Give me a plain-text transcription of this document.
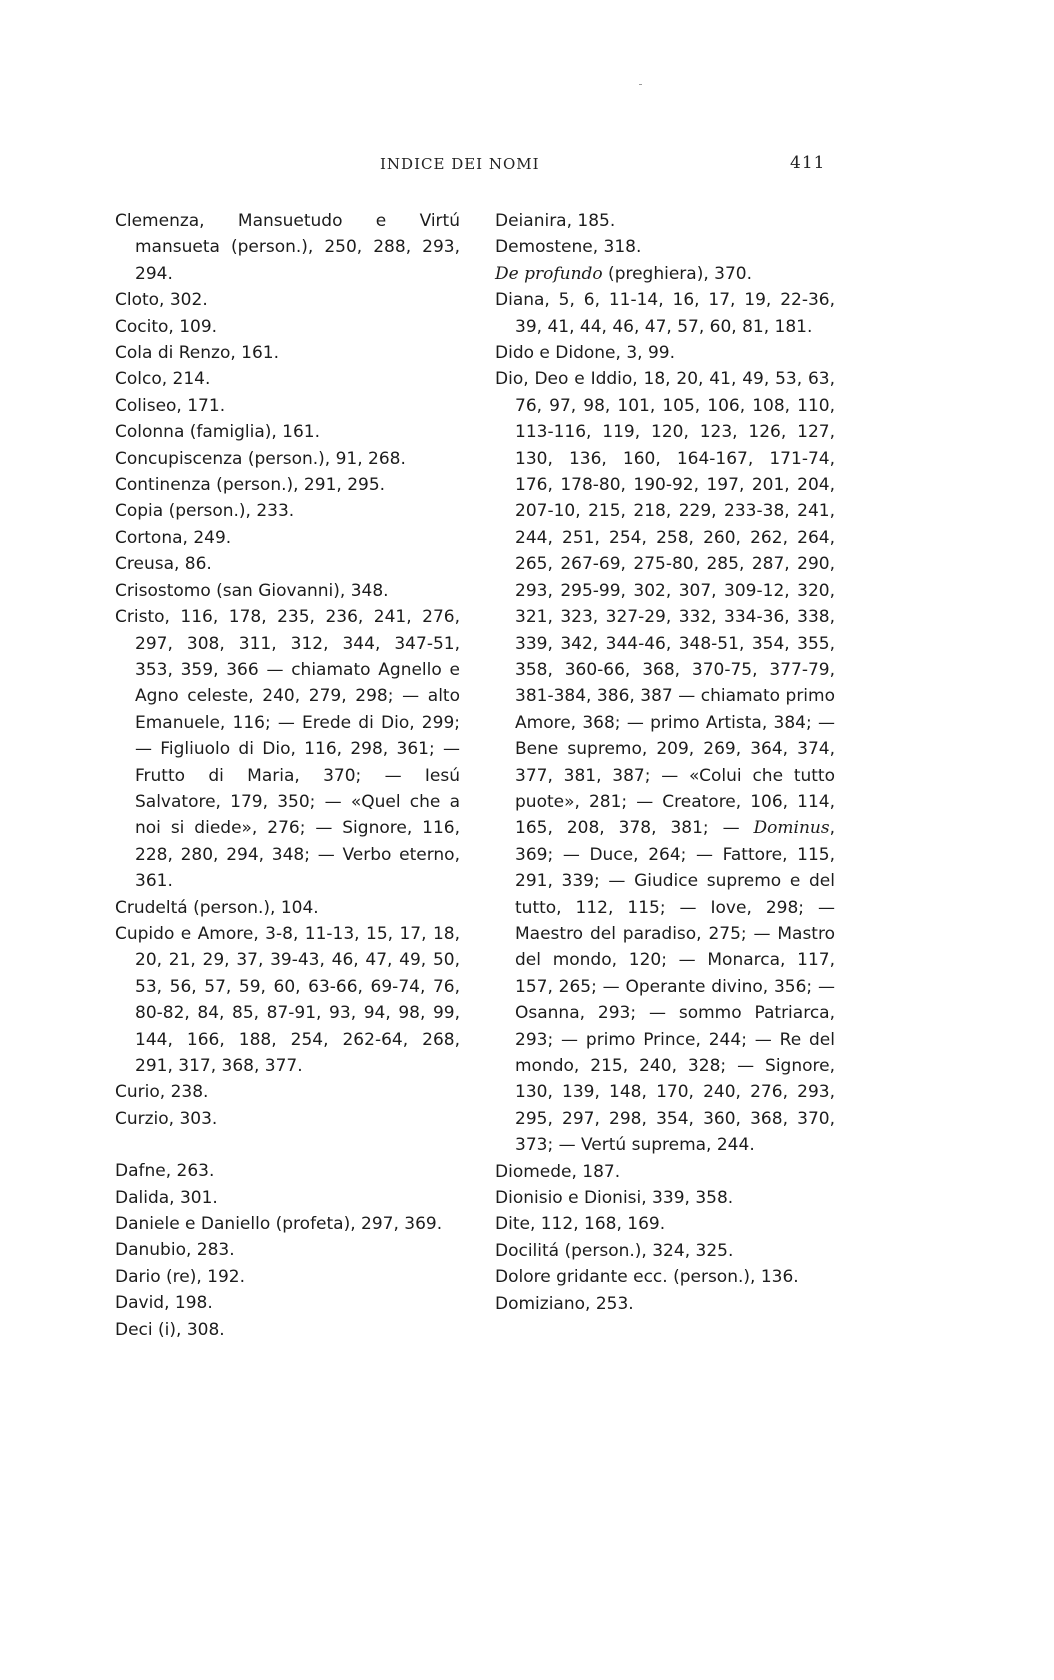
INDICE DEI NOMI	411

Clemenza, Mansuetudo e Virtú mansueta (person.), 250, 288, 293, 294.

Cloto, 302.

Cocito, 109.

Cola di Renzo, 161.

Colco, 214.

Coliseo, 171.

Colonna (famiglia), 161.

Concupiscenza (person.), 91, 268.

Continenza (person.), 291, 295.

Copia (person.), 233.

Cortona, 249.

Creusa, 86.

Crisostomo (san Giovanni), 348.

Cristo, 116, 178, 235, 236, 241, 276, 297, 308, 311, 312, 344, 347-51, 353, 359, 366 — chiamato Agnello e Agno celeste, 240, 279, 298; — alto Emanuele, 116; — Erede di Dio, 299; — Figliuolo di Dio, 116, 298, 361; — Frutto di Maria, 370; — Iesú Salvatore, 179, 350; — «Quel che a noi si diede», 276; — Signore, 116, 228, 280, 294, 348; — Verbo eterno, 361.

Crudeltá (person.), 104.

Cupido e Amore, 3-8, 11-13, 15, 17, 18, 20, 21, 29, 37, 39-43, 46, 47, 49, 50, 53, 56, 57, 59, 60, 63-66, 69-74, 76, 80-82, 84, 85, 87-91, 93, 94, 98, 99, 144, 166, 188, 254, 262-64, 268, 291, 317, 368, 377.

Curio, 238.

Curzio, 303.

Dafne, 263.

Dalida, 301.

Daniele e Daniello (profeta), 297, 369.

Danubio, 283.

Dario (re), 192.

David, 198.

Deci (i), 308.

Deianira, 185.

Demostene, 318.

De profundo (preghiera), 370.

Diana, 5, 6, 11-14, 16, 17, 19, 22-36, 39, 41, 44, 46, 47, 57, 60, 81, 181.

Dido e Didone, 3, 99.

Dio, Deo e Iddio, 18, 20, 41, 49, 53, 63, 76, 97, 98, 101, 105, 106, 108, 110, 113-116, 119, 120, 123, 126, 127, 130, 136, 160, 164-167, 171-74, 176, 178-80, 190-92, 197, 201, 204, 207-10, 215, 218, 229, 233-38, 241, 244, 251, 254, 258, 260, 262, 264, 265, 267-69, 275-80, 285, 287, 290, 293, 295-99, 302, 307, 309-12, 320, 321, 323, 327-29, 332, 334-36, 338, 339, 342, 344-46, 348-51, 354, 355, 358, 360-66, 368, 370-75, 377-79, 381-384, 386, 387 — chiamato primo Amore, 368; — primo Artista, 384; — Bene supremo, 209, 269, 364, 374, 377, 381, 387; — «Colui che tutto puote», 281; — Creatore, 106, 114, 165, 208, 378, 381; — Dominus, 369; — Duce, 264; — Fattore, 115, 291, 339; — Giudice supremo e del tutto, 112, 115; — Iove, 298; — Maestro del paradiso, 275; — Mastro del mondo, 120; — Monarca, 117, 157, 265; — Operante divino, 356; — Osanna, 293; — sommo Patriarca, 293; — primo Prince, 244; — Re del mondo, 215, 240, 328; — Signore, 130, 139, 148, 170, 240, 276, 293, 295, 297, 298, 354, 360, 368, 370, 373; — Vertú suprema, 244.

Diomede, 187.

Dionisio e Dionisi, 339, 358.

Dite, 112, 168, 169.

Docilitá (person.), 324, 325.

Dolore gridante ecc. (person.), 136.

Domiziano, 253.
